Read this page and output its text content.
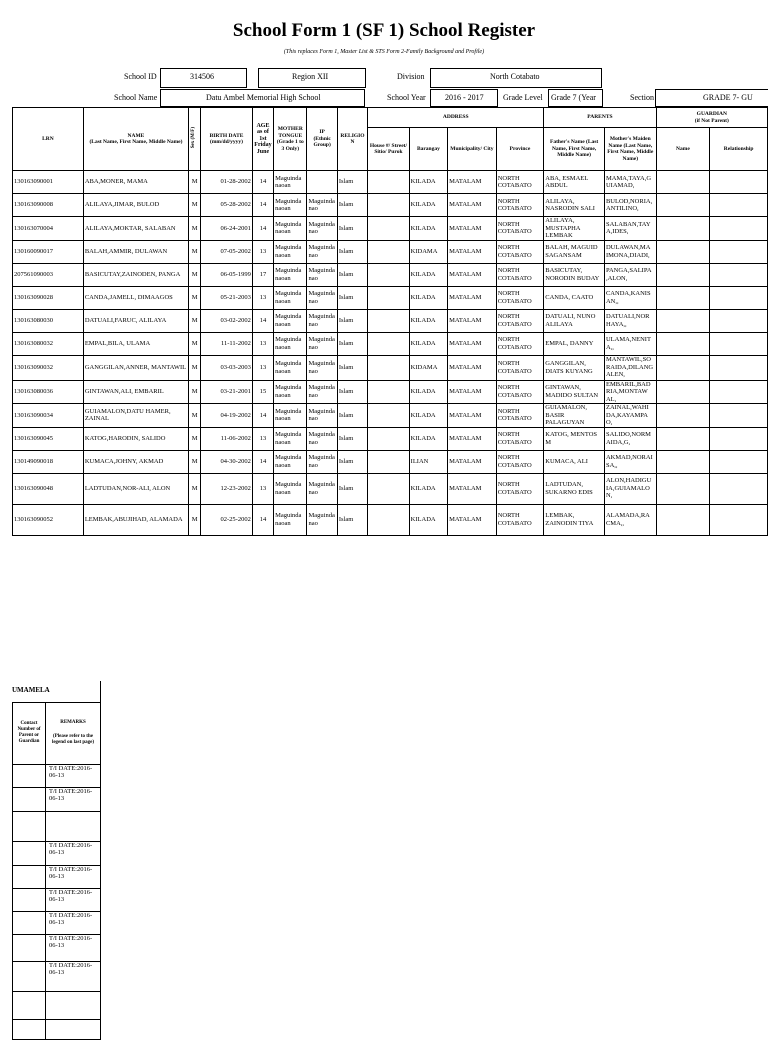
School Form 1 (SF 1) School Register
(This replaces Form 1, Master List & STS Form 2-Family Background and Profile)
School ID	314506	Region XII	Division	North Cotabato
School Name	Datu Ambel Memorial High School	School Year 2016 - 2017 Grade Level Grade 7 (Year	Section	GRADE 7- GU
LRN	NAME
(Last Name, First Name, Middle Name)	Sex (M/F)	BIRTH DATE
(mm/dd/yyyy)	AGE as of 1st Friday June	MOTHER TONGUE
(Grade 1 to 3 Only)	IP
(Ethnic Group)	RELIGION	ADDRESS				PARENTS		GUARDIAN
(if Not Parent)	
								House #/ Street/ Sitio/ Purok	Barangay	Municipality/ City	Province	Father's Name (Last Name, First Name, Middle Name)	Mother's Maiden Name (Last Name, First Name, Middle Name)	Name	Relationship
130163090001	ABA,MONER, MAMA	M	01-28-2002	14	Maguinda naoan		Islam		KILADA	MATALAM	NORTH COTABATO	ABA, ESMAEL ABDUL	MAMA,TAYA,G UIAMAD,		
130163090008	ALILAYA,JIMAR, BULOD	M	05-28-2002	14	Maguinda naoan	Maguinda nao	Islam		KILADA	MATALAM	NORTH COTABATO	ALILAYA, NASRODIN SALI	BULOD,NORIA, ANTILINO,		
130163070004	ALILAYA,MOKTAR, SALABAN	M	06-24-2001	14	Maguinda naoan	Maguinda nao	Islam		KILADA	MATALAM	NORTH COTABATO	ALILAYA, MUSTAPHA LEMBAK	SALABAN,TAY A,IDES,		
130160090017	BALAH,AMMIR, DULAWAN	M	07-05-2002	13	Maguinda naoan	Maguinda nao	Islam		KIDAMA	MATALAM	NORTH COTABATO	BALAH, MAGUID SAGANSAM	DULAWAN,MA IMONA,DIADI,		
207561090003	BASICUTAY,ZAINODEN, PANGA	M	06-05-1999	17	Maguinda naoan	Maguinda nao	Islam		KILADA	MATALAM	NORTH COTABATO	BASICUTAY, NORODIN BUDAY	PANGA,SALIPA ,ALON,		
130163090028	CANDA,JAMELL, DIMAAGOS	M	05-21-2003	13	Maguinda naoan	Maguinda nao	Islam		KILADA	MATALAM	NORTH COTABATO	CANDA, CAATO	CANDA,KANIS AN,,		
130163080030	DATUALI,FARUC, ALILAYA	M	03-02-2002	14	Maguinda naoan	Maguinda nao	Islam		KILADA	MATALAM	NORTH COTABATO	DATUALI, NUNO ALILAYA	DATUALI,NOR HAYA,,		
130163080032	EMPAL,BILA, ULAMA	M	11-11-2002	13	Maguinda naoan	Maguinda nao	Islam		KILADA	MATALAM	NORTH COTABATO	EMPAL, DANNY	ULAMA,NENIT A,,		
130163090032	GANGGILAN,ANNER, MANTAWIL	M	03-03-2003	13	Maguinda naoan	Maguinda nao	Islam		KIDAMA	MATALAM	NORTH COTABATO	GANGGILAN, DIATS KUYANG	MANTAWIL,SO RAIDA,DILANG ALEN,		
130163080036	GINTAWAN,ALI, EMBARIL	M	03-21-2001	15	Maguinda naoan	Maguinda nao	Islam		KILADA	MATALAM	NORTH COTABATO	GINTAWAN, MADIDO SULTAN	EMBARIL,BAD RIA,MONTAW AL,		
130163090034	GUIAMALON,DATU HAMER, ZAINAL	M	04-19-2002	14	Maguinda naoan	Maguinda nao	Islam		KILADA	MATALAM	NORTH COTABATO	GUIAMALON, BASIR PALAGUYAN	ZAINAL,WAHI DA,KAYAMPA O,		
130163090045	KATOG,HARODIN, SALIDO	M	11-06-2002	13	Maguinda naoan	Maguinda nao	Islam		KILADA	MATALAM	NORTH COTABATO	KATOG, MENTOS M	SALIDO,NORM AIDA,G,		
130149090018	KUMACA,JOHNY, AKMAD	M	04-30-2002	14	Maguinda naoan	Maguinda nao	Islam		ILIAN	MATALAM	NORTH COTABATO	KUMACA, ALI	AKMAD,NORAI SA,,		
130163090048	LADTUDAN,NOR-ALI, ALON	M	12-23-2002	13	Maguinda naoan	Maguinda nao	Islam		KILADA	MATALAM	NORTH COTABATO	LADTUDAN, SUKARNO EDIS	ALON,HADIGU IA,GUIAMALO N,		
130163090052	LEMBAK,ABUJIHAD, ALAMADA	M	02-25-2002	14	Maguinda naoan	Maguinda nao	Islam		KILADA	MATALAM	NORTH COTABATO	LEMBAK, ZAINODIN TIYA	ALAMADA,RA CMA,,		
UMAMELA

Contact Number of Parent or Guardian	REMARKS
(Please refer to the legend on last page)

	T/I DATE:2016-06-13
	T/I DATE:2016-06-13

	T/I DATE:2016-06-13
	T/I DATE:2016-06-13
	T/I DATE:2016-06-13
	T/I DATE:2016-06-13
	T/I DATE:2016-06-13
	T/I DATE:2016-06-13
